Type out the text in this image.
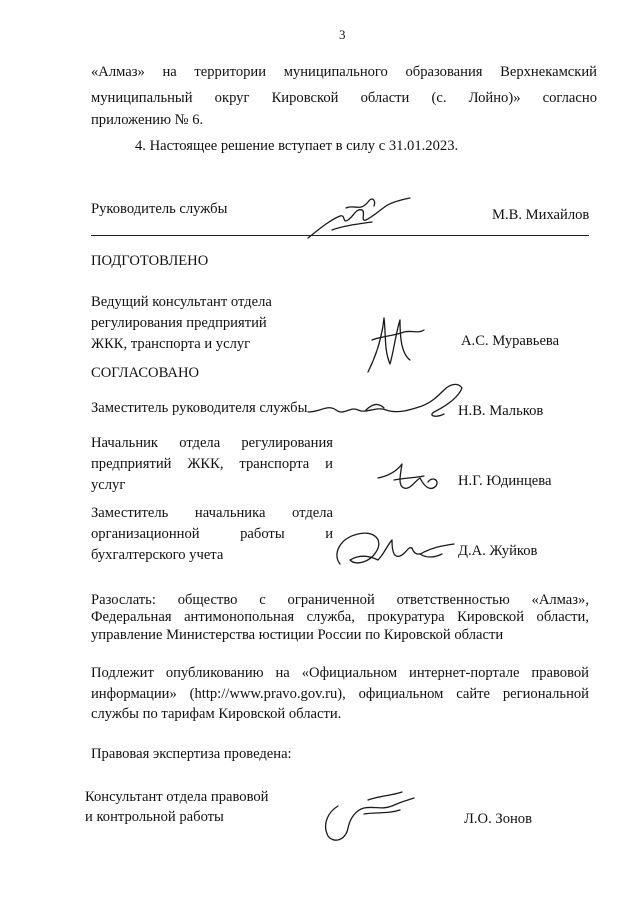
3
«Алмаз» на территории муниципального образования Верхнекамский
муниципальный округ Кировской области (с. Лойно)» согласно
приложению № 6.
4. Настоящее решение вступает в силу с 31.01.2023.
Руководитель службы	М.В. Михайлов
ПОДГОТОВЛЕНО
Ведущий консультант отдела
регулирования предприятий
ЖКК, транспорта и услуг	А.С. Муравьева
СОГЛАСОВАНО
Заместитель руководителя службы	Н.В. Мальков
Начальник отдела регулирования
предприятий ЖКК, транспорта и
услуг	Н.Г. Юдинцева
Заместитель начальника отдела
организационной работы и
бухгалтерского учета	Д.А. Жуйков
Разослать: общество с ограниченной ответственностью «Алмаз»,
Федеральная антимонопольная служба, прокуратура Кировской области,
управление Министерства юстиции России по Кировской области
Подлежит опубликованию на «Официальном интернет-портале правовой
информации» (http://www.pravo.gov.ru), официальном сайте региональной
службы по тарифам Кировской области.
Правовая экспертиза проведена:
Консультант отдела правовой
и контрольной работы	Л.О. Зонов
